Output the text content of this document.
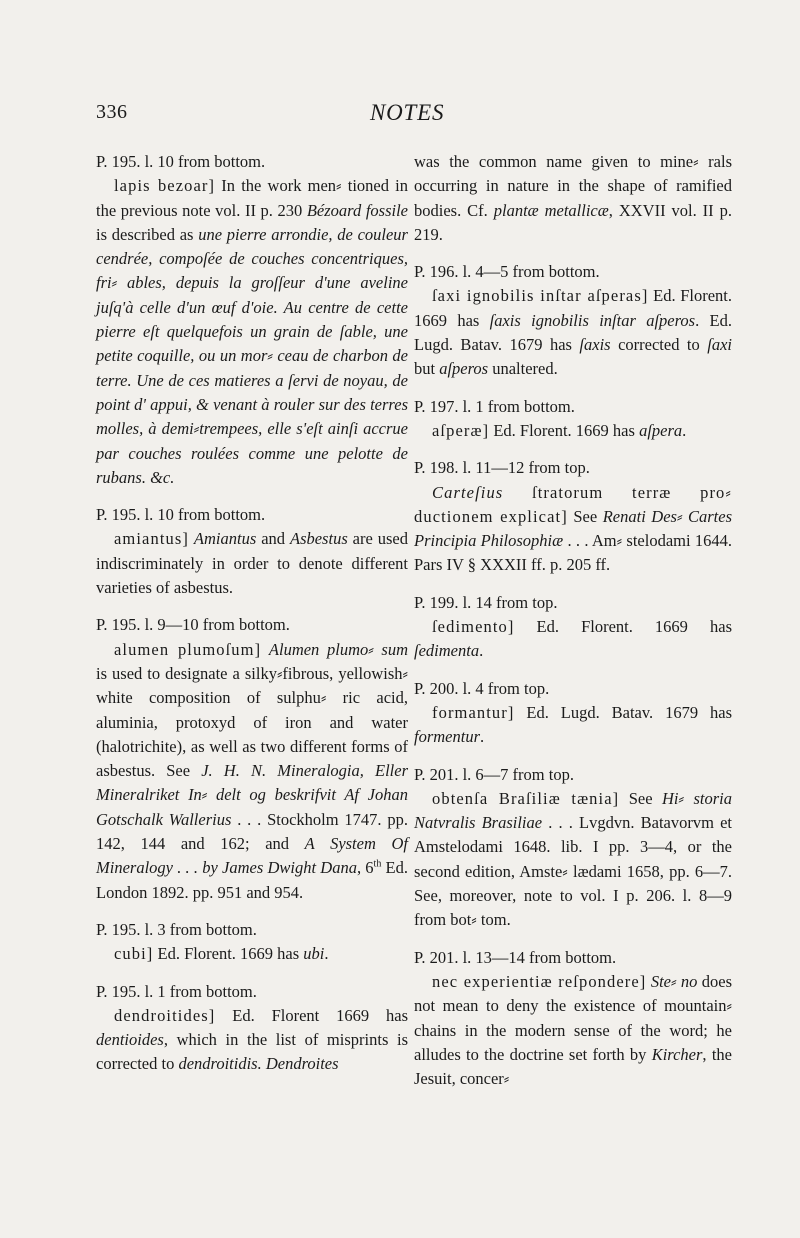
336	NOTES
P. 195. l. 10 from bottom.
lapis bezoar] In the work men⸗ tioned in the previous note vol. II p. 230 Bézoard fossile is described as une pierre arrondie, de couleur cendrée, compoſée de couches concentriques, fri⸗ ables, depuis la groſſeur d'une aveline juſq'à celle d'un œuf d'oie. Au centre de cette pierre eſt quelquefois un grain de ſable, une petite coquille, ou un mor⸗ ceau de charbon de terre. Une de ces matieres a ſervi de noyau, de point d' appui, & venant à rouler sur des terres molles, à demi⸗trempees, elle s'eſt ainſi accrue par couches roulées comme une pelotte de rubans. &c.
P. 195. l. 10 from bottom.
amiantus] Amiantus and Asbestus are used indiscriminately in order to denote different varieties of asbestus.
P. 195. l. 9—10 from bottom.
alumen plumoſum] Alumen plumo⸗ sum is used to designate a silky⸗fibrous, yellowish⸗white composition of sulphu⸗ ric acid, aluminia, protoxyd of iron and water (halotrichite), as well as two different forms of asbestus. See J. H. N. Mineralogia, Eller Mineralriket In⸗ delt og beskrifvit Af Johan Gotschalk Wallerius . . . Stockholm 1747. pp. 142, 144 and 162; and A System Of Mineralogy . . . by James Dwight Dana, 6th Ed. London 1892. pp. 951 and 954.
P. 195. l. 3 from bottom.
cubi] Ed. Florent. 1669 has ubi.
P. 195. l. 1 from bottom.
dendroitides] Ed. Florent 1669 has dentioides, which in the list of misprints is corrected to dendroitidis. Dendroites
was the common name given to mine⸗ rals occurring in nature in the shape of ramified bodies. Cf. plantæ metallicæ, XXVII vol. II p. 219.
P. 196. l. 4—5 from bottom.
ſaxi ignobilis inſtar aſperas] Ed. Florent. 1669 has ſaxis ignobilis inſtar aſperos. Ed. Lugd. Batav. 1679 has ſaxis corrected to ſaxi but aſperos unaltered.
P. 197. l. 1 from bottom.
aſperæ] Ed. Florent. 1669 has aſpera.
P. 198. l. 11—12 from top.
Carteſius ſtratorum terræ pro⸗ ductionem explicat] See Renati Des⸗ Cartes Principia Philosophiæ . . . Am⸗ stelodami 1644. Pars IV § XXXII ff. p. 205 ff.
P. 199. l. 14 from top.
ſedimento] Ed. Florent. 1669 has ſedimenta.
P. 200. l. 4 from top.
formantur] Ed. Lugd. Batav. 1679 has formentur.
P. 201. l. 6—7 from top.
obtenſa Braſiliæ tænia] See Hi⸗ storia Natvralis Brasiliae . . . Lvgdvn. Batavorvm et Amstelodami 1648. lib. I pp. 3—4, or the second edition, Amste⸗ lædami 1658, pp. 6—7. See, moreover, note to vol. I p. 206. l. 8—9 from bot⸗ tom.
P. 201. l. 13—14 from bottom.
nec experientiæ reſpondere] Ste⸗ no does not mean to deny the existence of mountain⸗chains in the modern sense of the word; he alludes to the doctrine set forth by Kircher, the Jesuit, concer⸗
